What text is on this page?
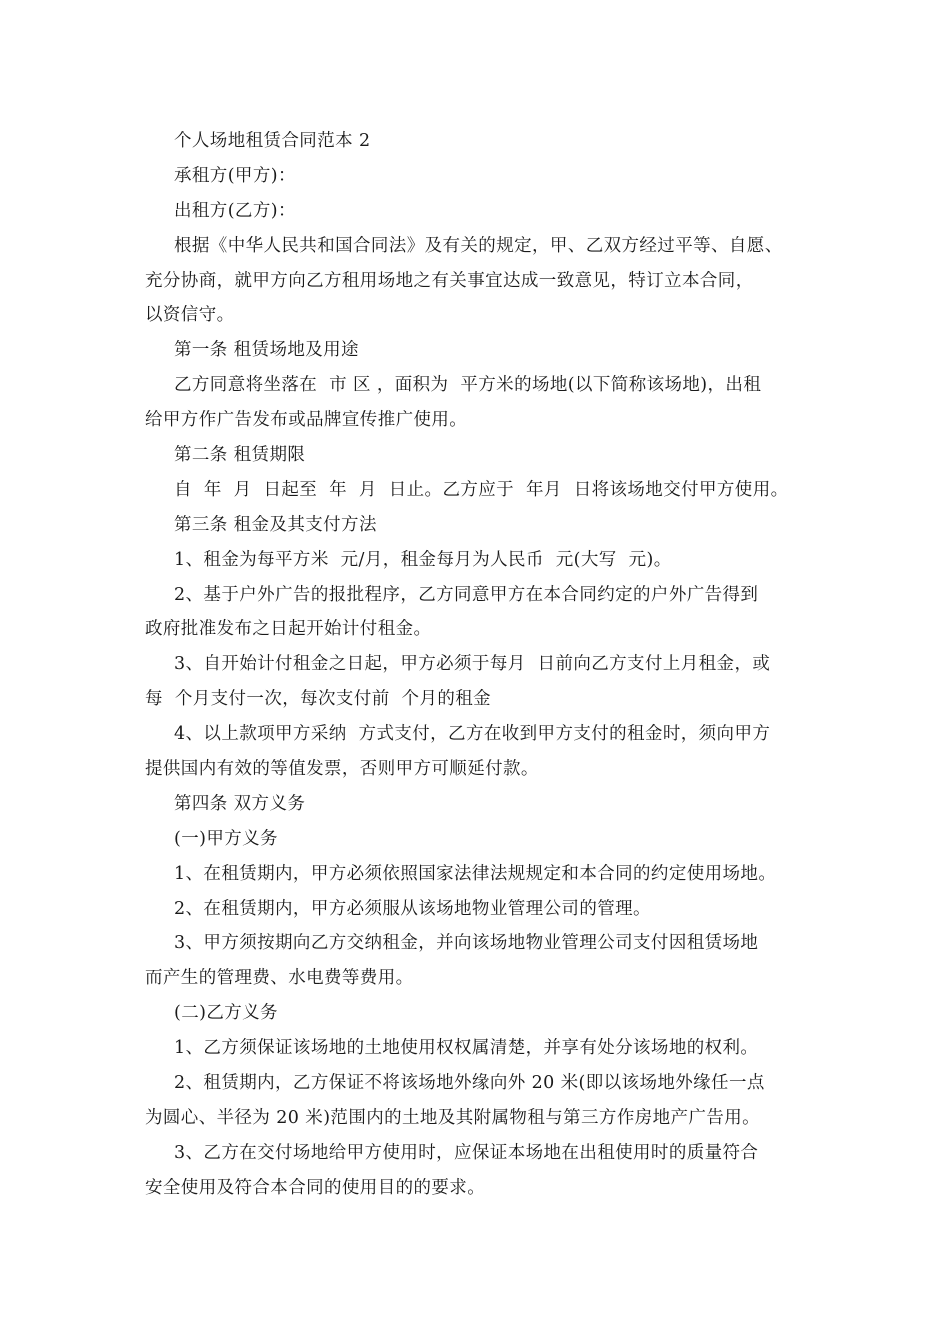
个人场地租赁合同范本 2
承租方(甲方)：
出租方(乙方)：
根据《中华人民共和国合同法》及有关的规定，甲、乙双方经过平等、自愿、
充分协商，就甲方向乙方租用场地之有关事宜达成一致意见，特订立本合同，
以资信守。
第一条 租赁场地及用途
乙方同意将坐落在  市 区 ，面积为  平方米的场地(以下简称该场地)，出租
给甲方作广告发布或品牌宣传推广使用。
第二条 租赁期限
自  年  月  日起至  年  月  日止。乙方应于  年月  日将该场地交付甲方使用。
第三条 租金及其支付方法
1、租金为每平方米  元/月，租金每月为人民币  元(大写  元)。
2、基于户外广告的报批程序，乙方同意甲方在本合同约定的户外广告得到
政府批准发布之日起开始计付租金。
3、自开始计付租金之日起，甲方必须于每月  日前向乙方支付上月租金，或
每  个月支付一次，每次支付前  个月的租金
4、以上款项甲方采纳  方式支付，乙方在收到甲方支付的租金时，须向甲方
提供国内有效的等值发票，否则甲方可顺延付款。
第四条 双方义务
(一)甲方义务
1、在租赁期内，甲方必须依照国家法律法规规定和本合同的约定使用场地。
2、在租赁期内，甲方必须服从该场地物业管理公司的管理。
3、甲方须按期向乙方交纳租金，并向该场地物业管理公司支付因租赁场地
而产生的管理费、水电费等费用。
(二)乙方义务
1、乙方须保证该场地的土地使用权权属清楚，并享有处分该场地的权利。
2、租赁期内，乙方保证不将该场地外缘向外 20 米(即以该场地外缘任一点
为圆心、半径为 20 米)范围内的土地及其附属物租与第三方作房地产广告用。
3、乙方在交付场地给甲方使用时，应保证本场地在出租使用时的质量符合
安全使用及符合本合同的使用目的的要求。
